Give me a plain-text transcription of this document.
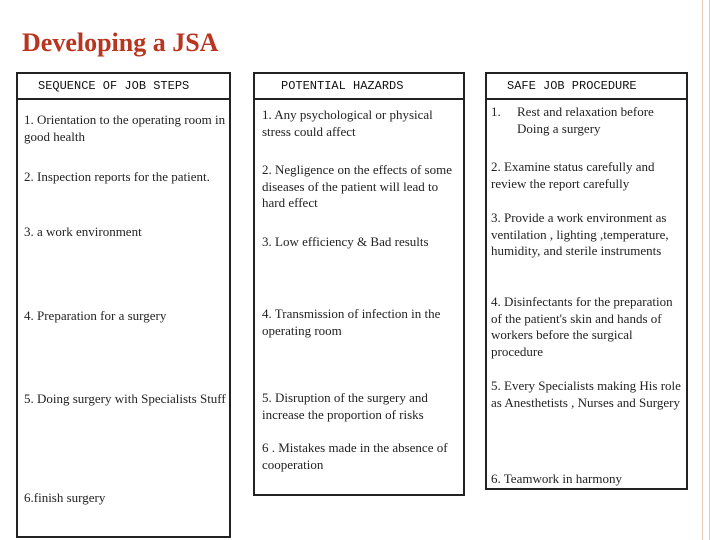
Developing a JSA
SEQUENCE OF JOB STEPS
1. Orientation to the operating room in good health
2. Inspection reports for the patient.
3. a work environment
4. Preparation for a surgery
5. Doing surgery with Specialists Stuff
6.finish surgery
POTENTIAL HAZARDS
1. Any psychological or physical stress could affect
2. Negligence on the effects of some diseases of the patient will lead to hard effect
3. Low efficiency & Bad results
4. Transmission of infection in the operating room
5. Disruption of the surgery and increase the proportion of risks
6 . Mistakes made in the absence of cooperation
SAFE JOB PROCEDURE
1. Rest and relaxation before Doing a surgery
2. Examine status carefully and review the report carefully
3. Provide a work environment as ventilation , lighting ,temperature, humidity, and sterile instruments
4. Disinfectants for the preparation of the patient's skin and hands of workers before the surgical procedure
5. Every Specialists making His role as Anesthetists , Nurses and Surgery
6. Teamwork in harmony
